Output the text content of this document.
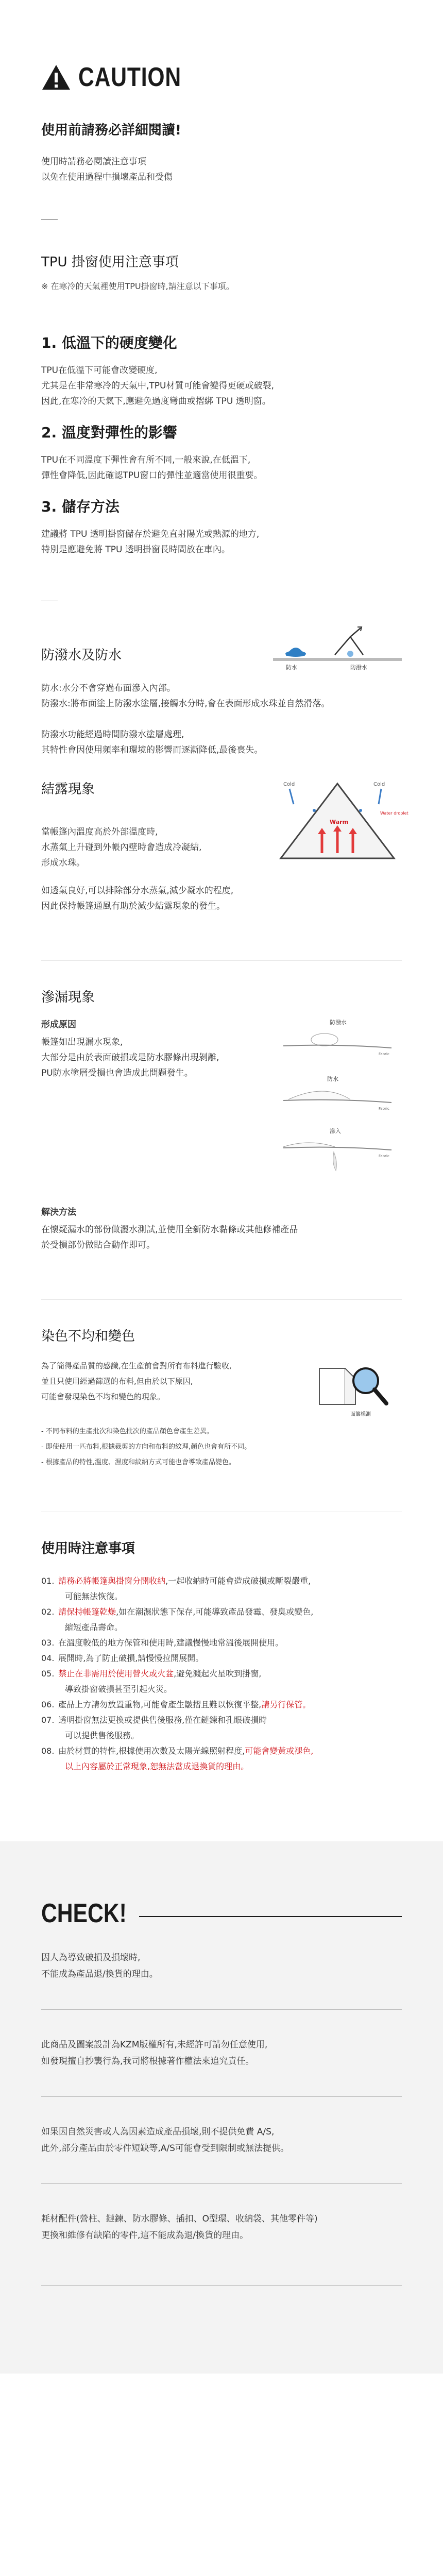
CAUTION
使用前請務必詳細閱讀!
使用時請務必閱讀注意事項
以免在使用過程中損壞產品和受傷
TPU 掛窗使用注意事項
※ 在寒冷的天氣裡使用TPU掛窗時,請注意以下事項。
1. 低溫下的硬度變化
TPU在低溫下可能會改變硬度,
尤其是在非常寒冷的天氣中,TPU材質可能會變得更硬或破裂,
因此,在寒冷的天氣下,應避免過度彎曲或摺綁 TPU 透明窗。
2. 溫度對彈性的影響
TPU在不同溫度下彈性會有所不同,一般來說,在低溫下,
彈性會降低,因此確認TPU窗口的彈性並適當使用很重要。
3. 儲存方法
建議將 TPU 透明掛窗儲存於避免直射陽光或熱源的地方,
特別是應避免將 TPU 透明掛窗長時間放在車內。
防潑水及防水
防水	防潑水
防水:水分不會穿過布面滲入內部。
防潑水:將布面塗上防潑水塗層,接觸水分時,會在表面形成水珠並自然滑落。
防潑水功能經過時間防潑水塗層處理,
其特性會因使用頻率和環境的影響而逐漸降低,最後喪失。
結露現象
當帳篷內溫度高於外部溫度時,
水蒸氣上升碰到外帳內壁時會造成冷凝結,
形成水珠。
Cold	Cold
Warm
Water droplet
如透氣良好,可以排除部分水蒸氣,減少凝水的程度,
因此保持帳篷通風有助於減少結露現象的發生。
滲漏現象
形成原因
帳篷如出現漏水現象,
大部分是由於表面破損或是防水膠條出現剝離,
PU防水塗層受損也會造成此問題發生。
防潑水
Fabric
防水
Fabric
滲入
Fabric
解決方法
在懷疑漏水的部份做灑水測試,並使用全新防水黏條或其他修補產品
於受損部份做貼合動作即可。
染色不均和變色
為了簡得產品質的感識,在生產前會對所有布料進行驗收,
並且只使用經過篩選的布料,但由於以下原因,
可能會發現染色不均和變色的現象。
面簾樣測
- 不同布料的生產批次和染色批次的產品顏色會產生差異。
- 即使使用一匹布料,根據裁剪的方向和布料的紋理,顏色也會有所不同。
- 根據產品的特性,溫度、濕度和紋納方式可能也會導致產品變色。
使用時注意事項
01. 請務必將帳篷與掛窗分開收納,一起收納時可能會造成破損或斷裂嚴重,
可能無法恢復。
02. 請保持帳篷乾燥,如在潮濕狀態下保存,可能導致產品發霉、發臭或變色,
縮短產品壽命。
03. 在溫度較低的地方保管和使用時,建議慢慢地常溫後展開使用。
04. 展開時,為了防止破損,請慢慢拉開展開。
05. 禁止在非需用於使用營火或火盆,避免濺起火星吹到掛窗,
導致掛窗破損甚至引起火災。
06. 產品上方請勿放置重物,可能會產生皺摺且難以恢復平整,請另行保管。
07. 透明掛窗無法更換或提供售後服務,僅在鏈鍊和孔眼破損時
可以提供售後服務。
08. 由於材質的特性,根據使用次數及太陽光線照射程度,可能會變黃或褪色,
以上內容屬於正常現象,恕無法當成退換貨的理由。
CHECK!

因人為導致破損及損壞時,

不能成為產品退/換貨的理由。

此商品及圖案設計為KZM版權所有,未經許可請勿任意使用,

如發現擅自抄襲行為,我司將根據著作權法來追究責任。

如果因自然災害或人為因素造成產品損壞,則不提供免費 A/S,

此外,部分產品由於零件短缺等,A/S可能會受到限制或無法提供。

耗材配件(營柱、鏈鍊、防水膠條、插扣、O型環、收納袋、其他零件等)

更換和維修有缺陷的零件,這不能成為退/換貨的理由。
